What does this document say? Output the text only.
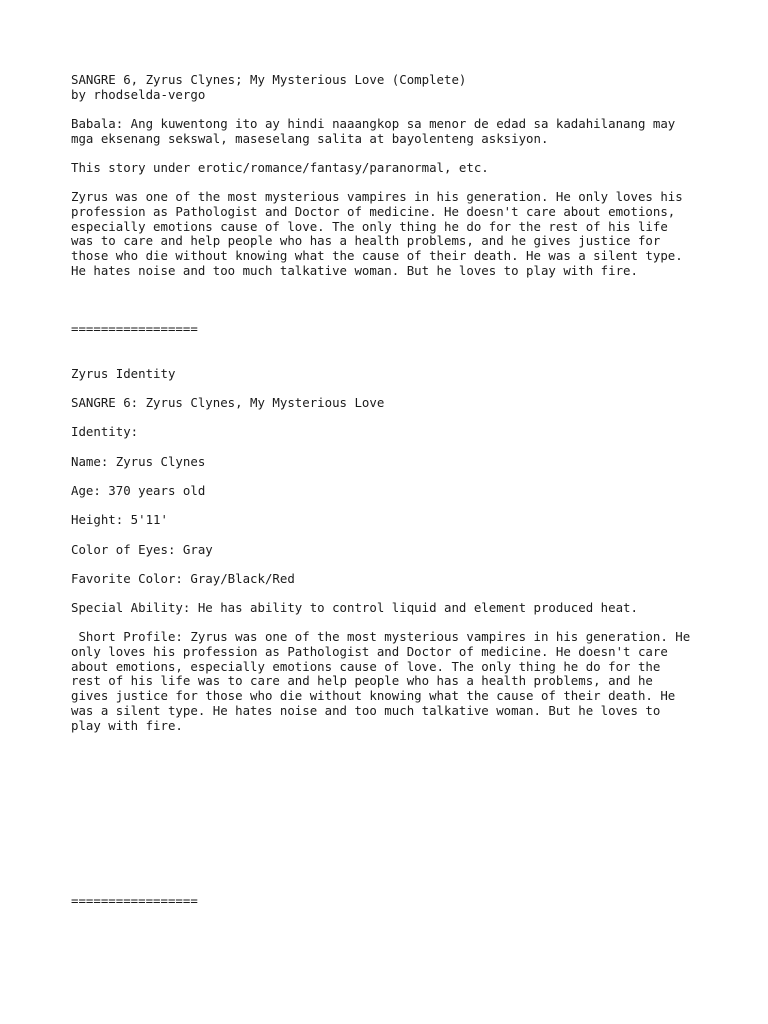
SANGRE 6, Zyrus Clynes; My Mysterious Love (Complete)

by rhodselda-vergo

Babala: Ang kuwentong ito ay hindi naaangkop sa menor de edad sa kadahilanang may

mga eksenang sekswal, maseselang salita at bayolenteng asksiyon.

This story under erotic/romance/fantasy/paranormal, etc.

Zyrus was one of the most mysterious vampires in his generation. He only loves his

profession as Pathologist and Doctor of medicine. He doesn't care about emotions,

especially emotions cause of love. The only thing he do for the rest of his life

was to care and help people who has a health problems, and he gives justice for

those who die without knowing what the cause of their death. He was a silent type.

He hates noise and too much talkative woman. But he loves to play with fire.

=================

Zyrus Identity

SANGRE 6: Zyrus Clynes, My Mysterious Love

Identity:

Name: Zyrus Clynes

Age: 370 years old

Height: 5'11'

Color of Eyes: Gray

Favorite Color: Gray/Black/Red

Special Ability: He has ability to control liquid and element produced heat.

Short Profile: Zyrus was one of the most mysterious vampires in his generation. He

only loves his profession as Pathologist and Doctor of medicine. He doesn't care

about emotions, especially emotions cause of love. The only thing he do for the

rest of his life was to care and help people who has a health problems, and he

gives justice for those who die without knowing what the cause of their death. He

was a silent type. He hates noise and too much talkative woman. But he loves to

play with fire.

=================
